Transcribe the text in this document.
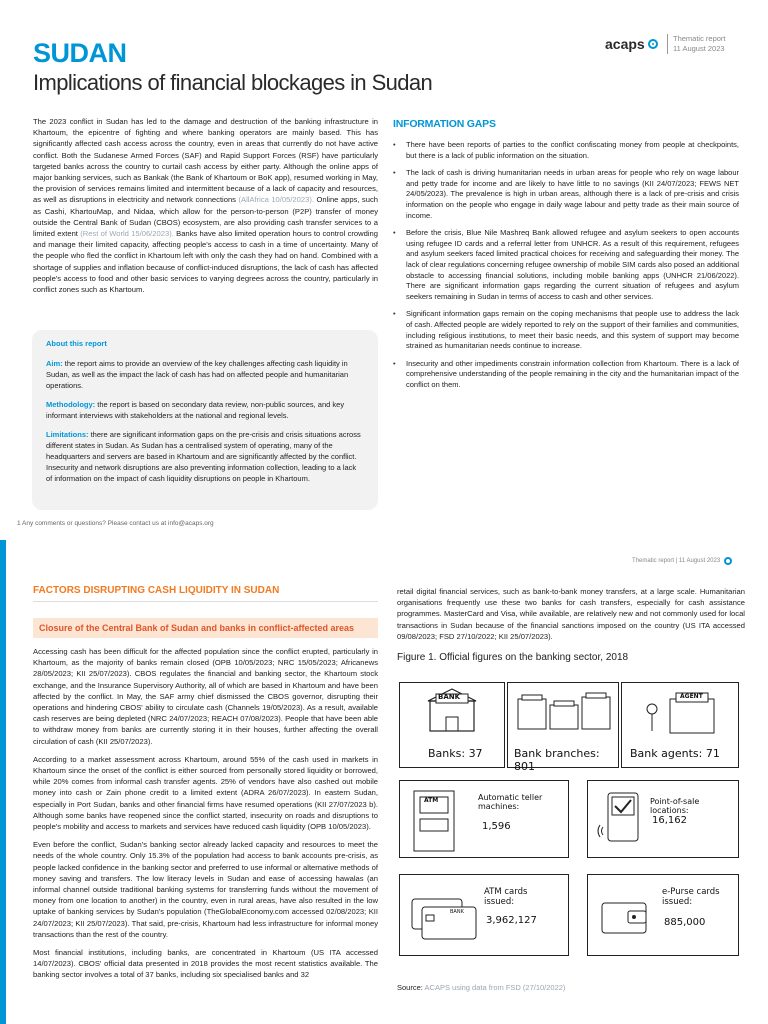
SUDAN
Implications of financial blockages in Sudan
acaps	Thematic report
11 August 2023
The 2023 conflict in Sudan has led to the damage and destruction of the banking infrastructure in Khartoum, the epicentre of fighting and where banking operators are mainly based. This has significantly affected cash access across the country, even in areas that currently do not have active conflict. Both the Sudanese Armed Forces (SAF) and Rapid Support Forces (RSF) have particularly targeted banks across the country to curtail cash access by either party. Although the online apps of major banking services, such as Bankak (the Bank of Khartoum or BoK app), resumed working in May, the provision of services remains limited and intermittent because of a lack of capacity and resources, as well as disruptions in electricity and network connections (AllAfrica 10/05/2023). Online apps, such as Cashi, KhartouMap, and Nidaa, which allow for the person-to-person (P2P) transfer of money outside the Central Bank of Sudan (CBOS) ecosystem, are also providing cash transfer services to a limited extent (Rest of World 15/06/2023). Banks have also limited operation hours to control crowding and manage their limited capacity, affecting people's access to cash in a time of uncertainty. Many of the people who fled the conflict in Khartoum left with only the cash they had on hand. Combined with a shortage of supplies and inflation because of conflict-induced disruptions, the lack of cash has affected people's access to food and other basic services to varying degrees across the country, particularly in conflict zones such as Khartoum.
About this report
Aim: the report aims to provide an overview of the key challenges affecting cash liquidity in Sudan, as well as the impact the lack of cash has had on affected people and humanitarian operations.
Methodology: the report is based on secondary data review, non-public sources, and key informant interviews with stakeholders at the national and regional levels.
Limitations: there are significant information gaps on the pre-crisis and crisis situations across different states in Sudan. As Sudan has a centralised system of operating, many of the headquarters and servers are based in Khartoum and are significantly affected by the conflict. Insecurity and network disruptions are also preventing information collection, leading to a lack of information on the impact of cash liquidity disruptions on people in Khartoum.
INFORMATION GAPS
• There have been reports of parties to the conflict confiscating money from people at checkpoints, but there is a lack of public information on the situation.
• The lack of cash is driving humanitarian needs in urban areas for people who rely on wage labour and petty trade for income and are likely to have little to no savings (KII 24/07/2023; FEWS NET 24/05/2023). The prevalence is high in urban areas, although there is a lack of pre-crisis and crisis information on the people who engage in daily wage labour and petty trade as their main source of income.
• Before the crisis, Blue Nile Mashreq Bank allowed refugee and asylum seekers to open accounts using refugee ID cards and a referral letter from UNHCR. As a result of this requirement, refugees and asylum seekers faced limited practical choices for receiving and safeguarding their money. The lack of clear regulations concerning refugee ownership of mobile SIM cards also posed an additional obstacle to accessing financial solutions, including mobile banking apps (UNHCR 21/06/2022). There are significant information gaps regarding the current situation of refugees and asylum seekers remaining in Sudan in terms of access to cash and other services.
• Significant information gaps remain on the coping mechanisms that people use to address the lack of cash. Affected people are widely reported to rely on the support of their families and communities, including religious institutions, to meet their basic needs, and this system of support may become strained as humanitarian needs continue to increase.
• Insecurity and other impediments constrain information collection from Khartoum. There is a lack of comprehensive understanding of the people remaining in the city and the humanitarian impact of the conflict on them.
1 Any comments or questions? Please contact us at info@acaps.org
Thematic report | 11 August 2023
FACTORS DISRUPTING CASH LIQUIDITY IN SUDAN
Closure of the Central Bank of Sudan and banks in conflict-affected areas

Accessing cash has been difficult for the affected population since the conflict erupted, particularly in Khartoum, as the majority of banks remain closed (OPB 10/05/2023; NRC 15/05/2023; Africanews 28/05/2023; KII 25/07/2023). CBOS regulates the financial and banking sector, the Khartoum stock exchange, and the Insurance Supervisory Authority, all of which are based in Khartoum and have been affected by the conflict. In May, the SAF army chief dismissed the CBOS governor, disrupting their operations and hindering CBOS' ability to circulate cash (Channels 19/05/2023). As a result, available cash reserves are being depleted (NRC 24/07/2023; REACH 07/08/2023). People that have been able to withdraw money from banks are currently storing it in their houses, further affecting the overall circulation of cash (KII 25/07/2023).

According to a market assessment across Khartoum, around 55% of the cash used in markets in Khartoum since the onset of the conflict is either sourced from personally stored liquidity or borrowed, while 20% comes from informal cash transfer agents. 25% of vendors have also cashed out mobile money into cash or Zain phone credit to a limited extent (ADRA 26/07/2023). In eastern Sudan, especially in Port Sudan, banks and other financial firms have resumed operations (KII 27/07/2023 b). Although some banks have reopened since the conflict started, insecurity on roads and disruptions to people's mobility and access to markets and services have reduced cash liquidity (OPB 10/05/2023).

Even before the conflict, Sudan's banking sector already lacked capacity and resources to meet the needs of the whole country. Only 15.3% of the population had access to bank accounts pre-crisis, as people lacked confidence in the banking sector and preferred to use informal or alternative methods of money saving and transfers. The low literacy levels in Sudan and ease of accessing hawalas (an informal channel outside traditional banking systems for transferring funds without the movement of money from one location to another) in the country, even in rural areas, have also resulted in the low uptake of banking services by Sudan's population (TheGlobalEconomy.com accessed 02/08/2023; KII 24/07/2023; KII 25/07/2023). That said, pre-crisis, Khartoum had less infrastructure for informal money transactions than the rest of the country.

Most financial institutions, including banks, are concentrated in Khartoum (US ITA accessed 14/07/2023). CBOS' official data presented in 2018 provides the most recent statistics available. The banking sector involves a total of 37 banks, including six specialised banks and 32

retail digital financial services, such as bank-to-bank money transfers, at a large scale. Humanitarian organisations frequently use these two banks for cash transfers, especially for cash assistance programmes. MasterCard and Visa, while available, are relatively new and not commonly used for local transactions in Sudan because of the financial sanctions imposed on the country (US ITA accessed 09/08/2023; FSD 27/10/2022; KII 25/07/2023).

Figure 1. Official figures on the banking sector, 2018
BANK
Banks: 37	Bank branches: 801
AGENT
Bank agents: 71
ATM	Automatic teller machines:
1,596
Point-of-sale locations:
16,162
BANK
ATM cards issued:
3,962,127
e-Purse cards issued:
885,000
Source: ACAPS using data from FSD (27/10/2022)
